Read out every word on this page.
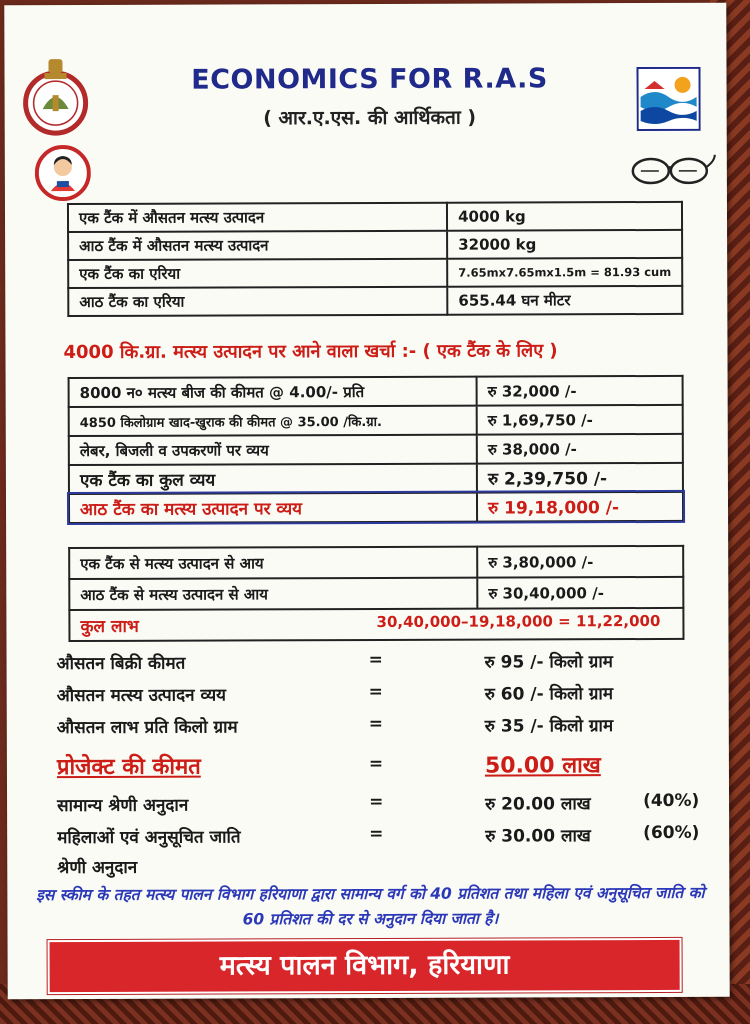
ECONOMICS FOR R.A.S
( आर.ए.एस. की आर्थिकता )
एक टैंक में औसतन मत्स्य उत्पादन	4000 kg
आठ टैंक में औसतन मत्स्य उत्पादन	32000 kg
एक टैंक का एरिया	7.65mx7.65mx1.5m = 81.93 cum
आठ टैंक का एरिया	655.44 घन मीटर
4000 कि.ग्रा. मत्स्य उत्पादन पर आने वाला खर्चा :- ( एक टैंक के लिए )
8000 न० मत्स्य बीज की कीमत @ 4.00/- प्रति	रु 32,000 /-
4850 किलोग्राम खाद-खुराक की कीमत @ 35.00 /कि.ग्रा.	रु 1,69,750 /-
लेबर, बिजली व उपकरणों पर व्यय	रु 38,000 /-
एक टैंक का कुल व्यय	रु 2,39,750 /-
आठ टैंक का मत्स्य उत्पादन पर व्यय	रु 19,18,000 /-
एक टैंक से मत्स्य उत्पादन से आय	रु 3,80,000 /-
आठ टैंक से मत्स्य उत्पादन से आय	रु 30,40,000 /-
कुल लाभ 30,40,000–19,18,000 = 11,22,000	
औसतन बिक्री कीमत	=	रु 95 /- किलो ग्राम
औसतन मत्स्य उत्पादन व्यय	=	रु 60 /- किलो ग्राम
औसतन लाभ प्रति किलो ग्राम	=	रु 35 /- किलो ग्राम
प्रोजेक्ट की कीमत	=	50.00 लाख
सामान्य श्रेणी अनुदान	=	रु 20.00 लाख	(40%)
महिलाओं एवं अनुसूचित जाति	=	रु 30.00 लाख	(60%)
श्रेणी अनुदान
इस स्कीम के तहत मत्स्य पालन विभाग हरियाणा द्वारा सामान्य वर्ग को 40 प्रतिशत तथा महिला एवं अनुसूचित जाति को 60 प्रतिशत की दर से अनुदान दिया जाता है।
मत्स्य पालन विभाग, हरियाणा
